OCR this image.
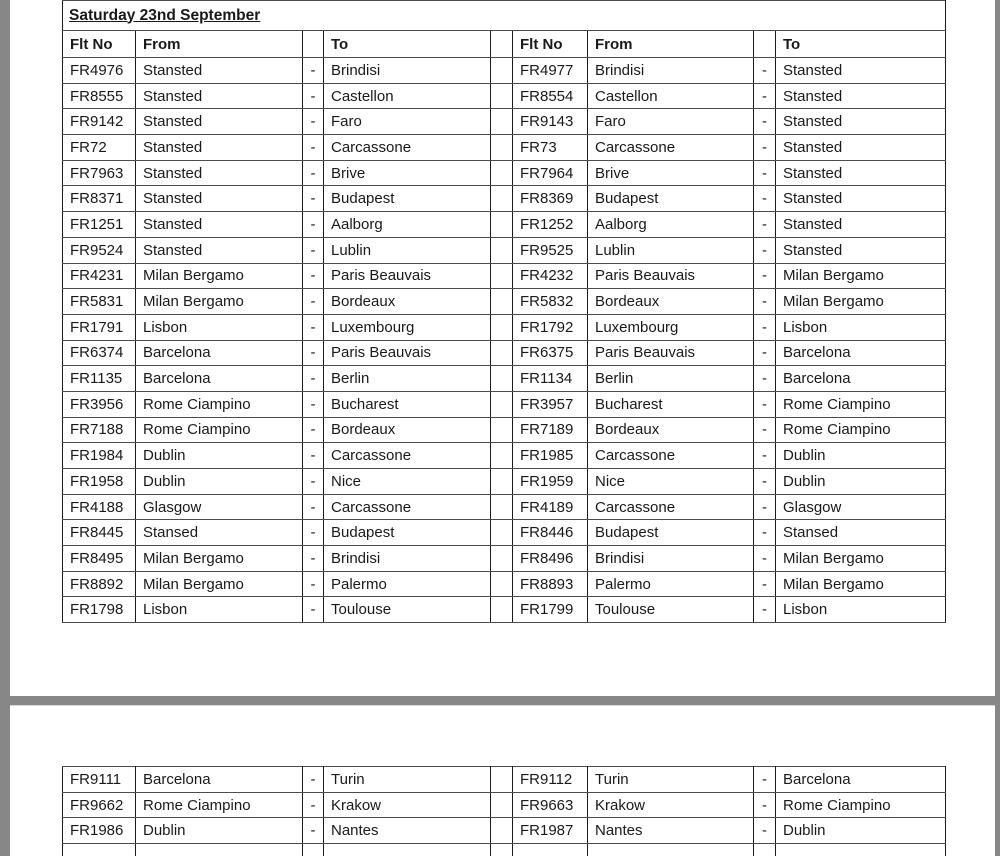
Saturday 23nd September								
Flt No	From		To		Flt No	From		To
FR4976	Stansted	-	Brindisi		FR4977	Brindisi	-	Stansted
FR8555	Stansted	-	Castellon		FR8554	Castellon	-	Stansted
FR9142	Stansted	-	Faro		FR9143	Faro	-	Stansted
FR72	Stansted	-	Carcassone		FR73	Carcassone	-	Stansted
FR7963	Stansted	-	Brive		FR7964	Brive	-	Stansted
FR8371	Stansted	-	Budapest		FR8369	Budapest	-	Stansted
FR1251	Stansted	-	Aalborg		FR1252	Aalborg	-	Stansted
FR9524	Stansted	-	Lublin		FR9525	Lublin	-	Stansted
FR4231	Milan Bergamo	-	Paris Beauvais		FR4232	Paris Beauvais	-	Milan Bergamo
FR5831	Milan Bergamo	-	Bordeaux		FR5832	Bordeaux	-	Milan Bergamo
FR1791	Lisbon	-	Luxembourg		FR1792	Luxembourg	-	Lisbon
FR6374	Barcelona	-	Paris Beauvais		FR6375	Paris Beauvais	-	Barcelona
FR1135	Barcelona	-	Berlin		FR1134	Berlin	-	Barcelona
FR3956	Rome Ciampino	-	Bucharest		FR3957	Bucharest	-	Rome Ciampino
FR7188	Rome Ciampino	-	Bordeaux		FR7189	Bordeaux	-	Rome Ciampino
FR1984	Dublin	-	Carcassone		FR1985	Carcassone	-	Dublin
FR1958	Dublin	-	Nice		FR1959	Nice	-	Dublin
FR4188	Glasgow	-	Carcassone		FR4189	Carcassone	-	Glasgow
FR8445	Stansed	-	Budapest		FR8446	Budapest	-	Stansed
FR8495	Milan Bergamo	-	Brindisi		FR8496	Brindisi	-	Milan Bergamo
FR8892	Milan Bergamo	-	Palermo		FR8893	Palermo	-	Milan Bergamo
FR1798	Lisbon	-	Toulouse		FR1799	Toulouse	-	Lisbon
FR9111	Barcelona	-	Turin		FR9112	Turin	-	Barcelona
FR9662	Rome Ciampino	-	Krakow		FR9663	Krakow	-	Rome Ciampino
FR1986	Dublin	-	Nantes		FR1987	Nantes	-	Dublin
